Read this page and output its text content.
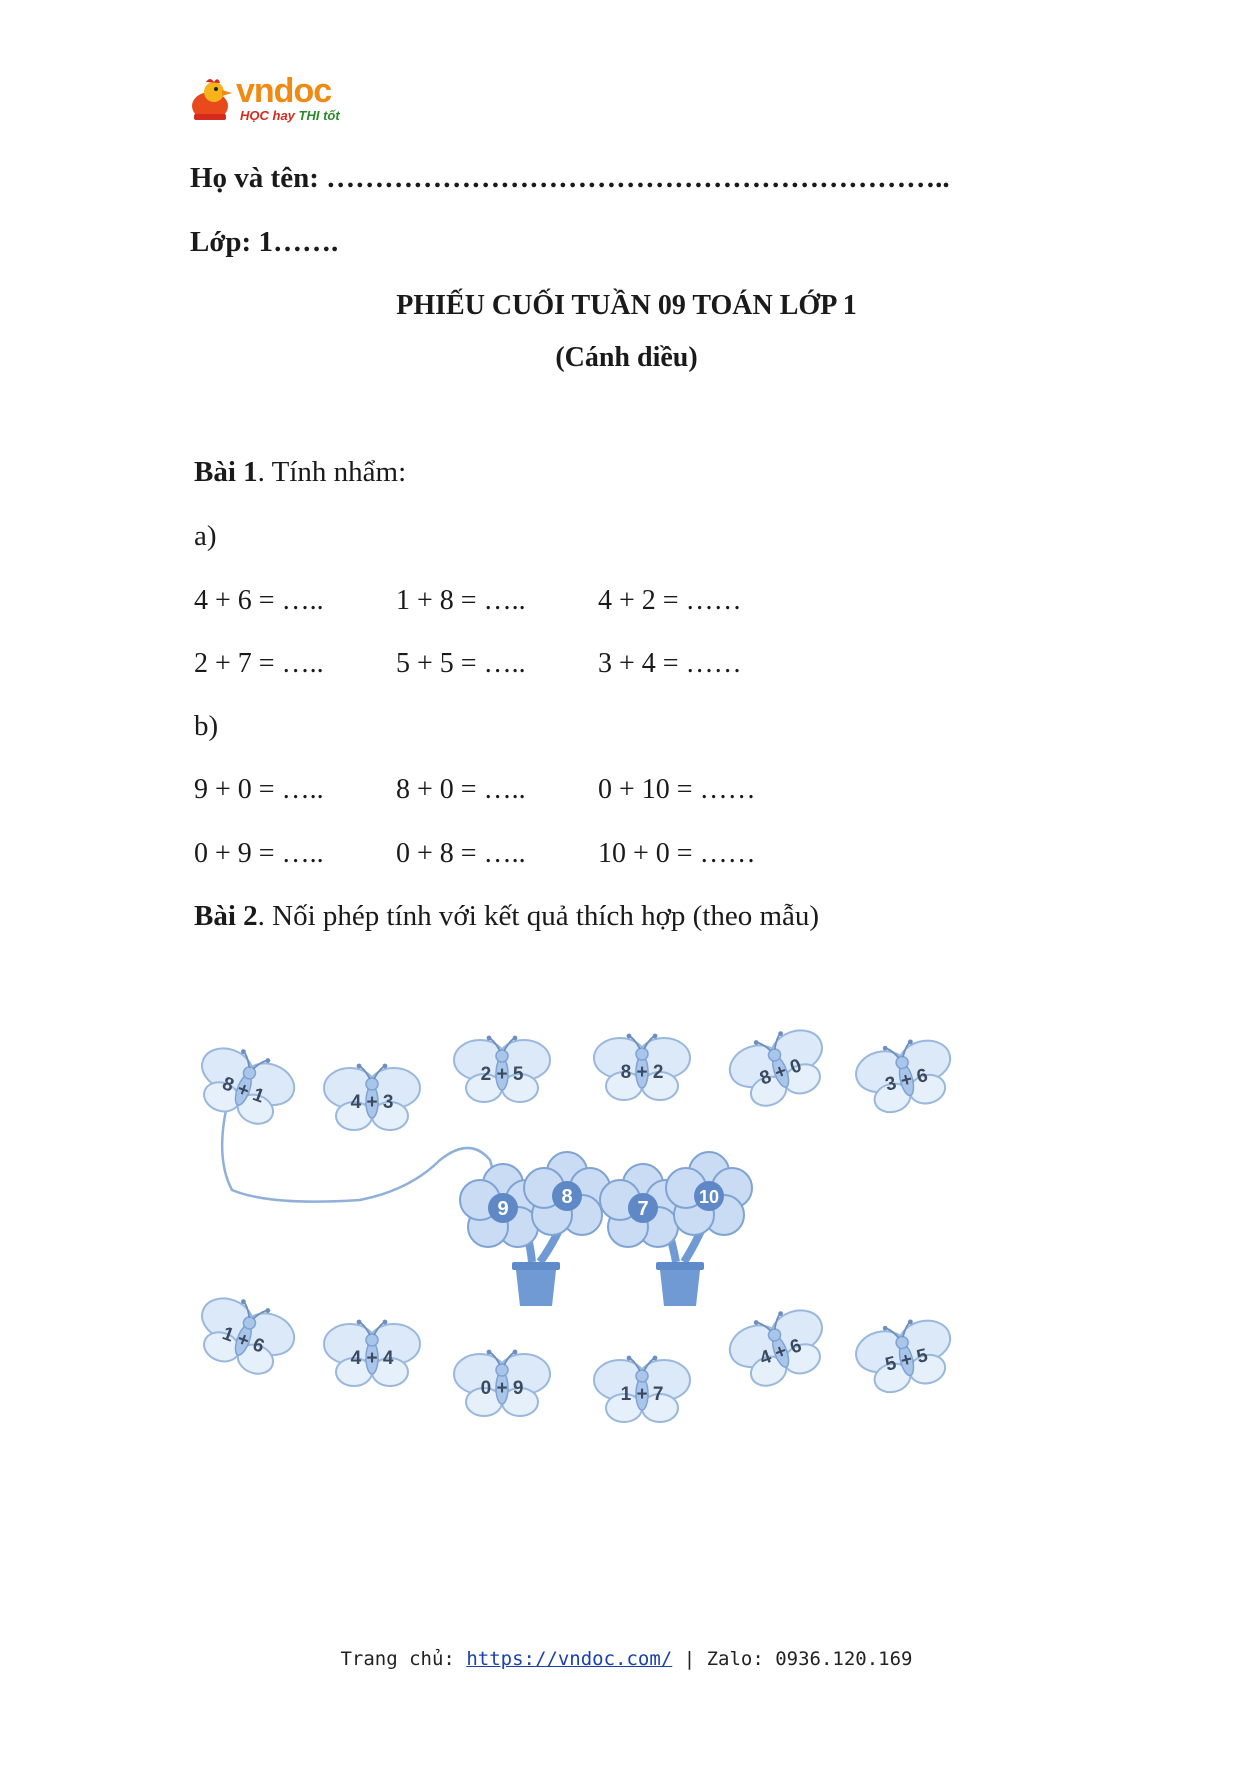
vndoc
HỌC hay THI tốt
Họ và tên: ………………………………………………………..
Lớp: 1…….
PHIẾU CUỐI TUẦN 09 TOÁN LỚP 1
(Cánh diều)
Bài 1. Tính nhẩm:
a)
4 + 6 = …..	1 + 8 = …..	4 + 2 = ……
2 + 7 = …..	5 + 5 = …..	3 + 4 = ……
b)
9 + 0 = …..	8 + 0 = …..	0 + 10 = ……
0 + 9 = …..	0 + 8 = …..	10 + 0 = ……
Bài 2. Nối phép tính với kết quả thích hợp (theo mẫu)
9
8
7
10
8 + 1	4 + 3
2 + 5	8 + 2	8 + 0	3 + 6
1 + 6
4 + 4
0 + 9	1 + 7
4 + 6	5 + 5
Trang chủ: https://vndoc.com/ | Zalo: 0936.120.169
